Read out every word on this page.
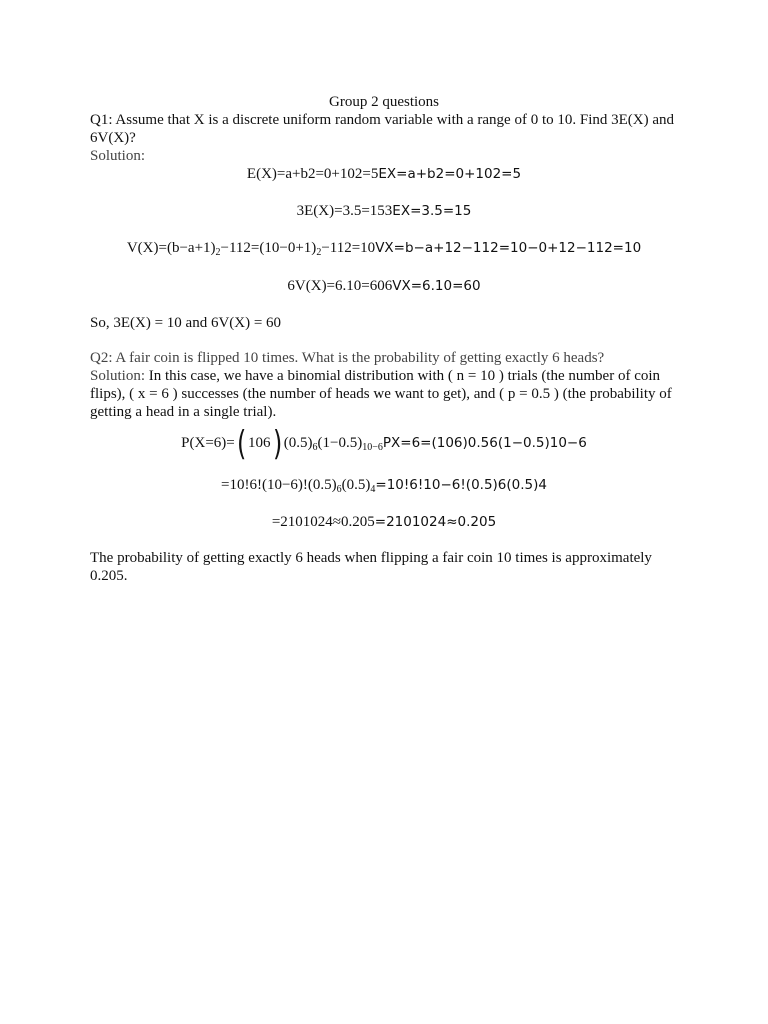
Group 2 questions
Q1: Assume that X is a discrete uniform random variable with a range of 0 to 10. Find 3E(X) and
6V(X)?
Solution:
E(X)=a+b2=0+102=5EX=a+b2=0+102=5
3E(X)=3.5=153EX=3.5=15
$V(X)=(b-a+1)_2-112=(10-0+1)_2-112=10VX=b-a+12-112=10-0+12-112=10$
6V(X)=6.10=606VX=6.10=60
So, 3E(X) = 10 and 6V(X) = 60
Q2: A fair coin is flipped 10 times. What is the probability of getting exactly 6 heads?
Solution: In this case, we have a binomial distribution with ( n = 10 ) trials (the number of coin
flips), ( x = 6 ) successes (the number of heads we want to get), and ( p = 0.5 ) (the probability of
getting a head in a single trial).
P(X=6)=( 106) $(0.5)_6(1-0.5)_{10-6}PX=6=(106)0.56(1-0.5)10-6$
$=10!6!(10-6)!(0.5)_6(0.5)_4=10!6!10-6!(0.5)6(0.5)4$
=2101024≈0.205=2101024≈0.205
The probability of getting exactly 6 heads when flipping a fair coin 10 times is approximately
0.205.
